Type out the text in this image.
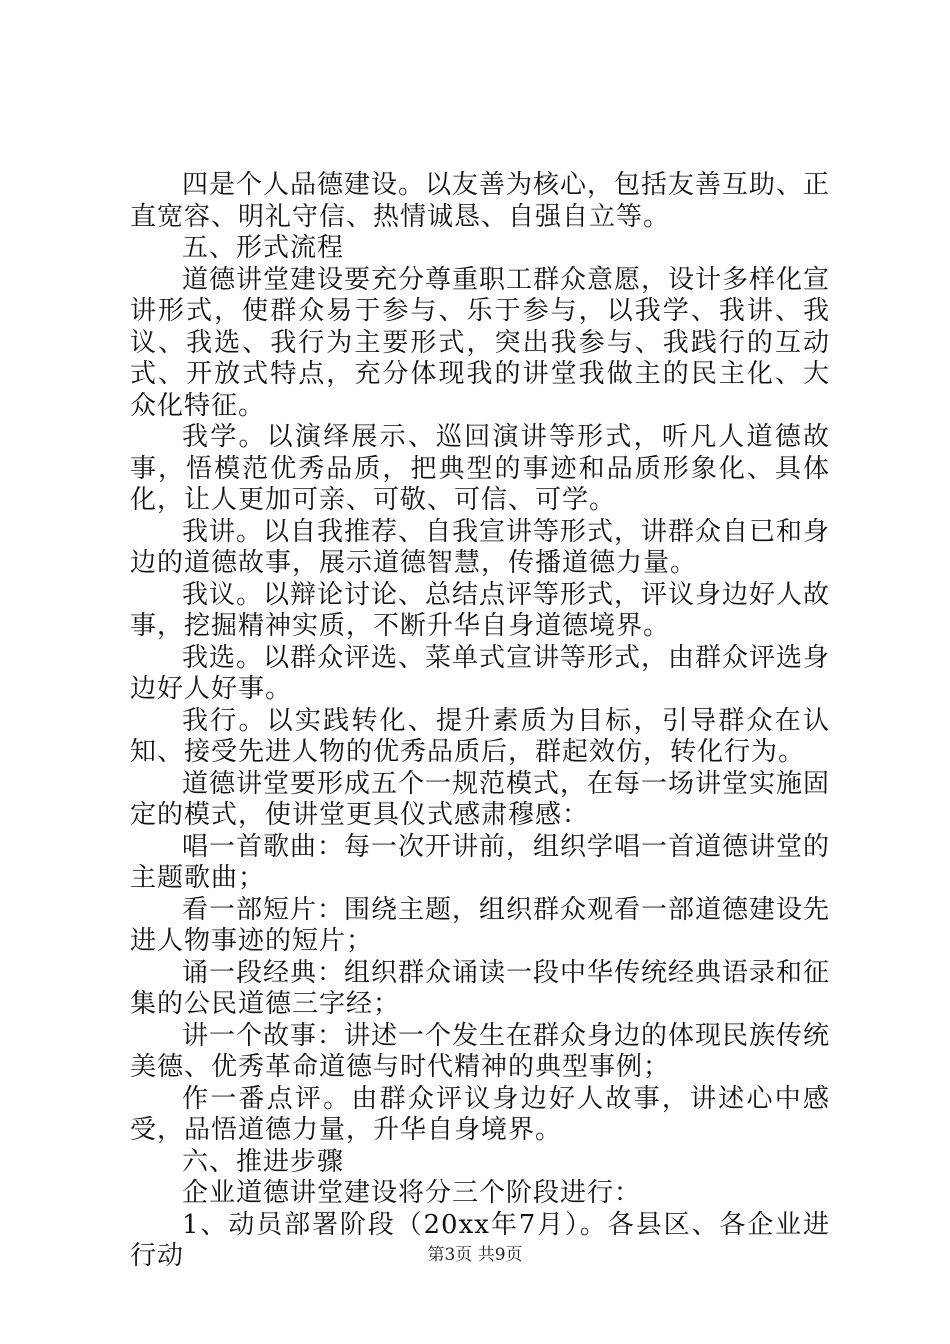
四是个人品德建设。以友善为核心，包括友善互助、正直宽容、明礼守信、热情诚恳、自强自立等。

五、形式流程

道德讲堂建设要充分尊重职工群众意愿，设计多样化宣讲形式，使群众易于参与、乐于参与，以我学、我讲、我议、我选、我行为主要形式，突出我参与、我践行的互动式、开放式特点，充分体现我的讲堂我做主的民主化、大众化特征。

我学。以演绎展示、巡回演讲等形式，听凡人道德故事，悟模范优秀品质，把典型的事迹和品质形象化、具体化，让人更加可亲、可敬、可信、可学。

我讲。以自我推荐、自我宣讲等形式，讲群众自已和身边的道德故事，展示道德智慧，传播道德力量。

我议。以辩论讨论、总结点评等形式，评议身边好人故事，挖掘精神实质，不断升华自身道德境界。

我选。以群众评选、菜单式宣讲等形式，由群众评选身边好人好事。

我行。以实践转化、提升素质为目标，引导群众在认知、接受先进人物的优秀品质后，群起效仿，转化行为。

道德讲堂要形成五个一规范模式，在每一场讲堂实施固定的模式，使讲堂更具仪式感肃穆感：

唱一首歌曲：每一次开讲前，组织学唱一首道德讲堂的主题歌曲；

看一部短片：围绕主题，组织群众观看一部道德建设先进人物事迹的短片；

诵一段经典：组织群众诵读一段中华传统经典语录和征集的公民道德三字经；

讲一个故事：讲述一个发生在群众身边的体现民族传统美德、优秀革命道德与时代精神的典型事例；

作一番点评。由群众评议身边好人故事，讲述心中感受，品悟道德力量，升华自身境界。

六、推进步骤

企业道德讲堂建设将分三个阶段进行：

1、动员部署阶段（20xx年7月）。各县区、各企业进行动	第3页 共9页
